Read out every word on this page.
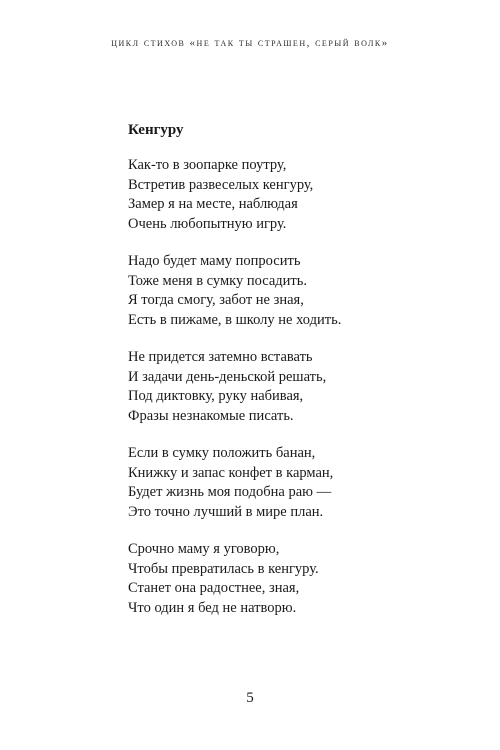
цикл стихов «не так ты страшен, серый волк»
Кенгуру
Как-то в зоопарке поутру,
Встретив развеселых кенгуру,
Замер я на месте, наблюдая
Очень любопытную игру.
Надо будет маму попросить
Тоже меня в сумку посадить.
Я тогда смогу, забот не зная,
Есть в пижаме, в школу не ходить.
Не придется затемно вставать
И задачи день-деньской решать,
Под диктовку, руку набивая,
Фразы незнакомые писать.
Если в сумку положить банан,
Книжку и запас конфет в карман,
Будет жизнь моя подобна раю —
Это точно лучший в мире план.
Срочно маму я уговорю,
Чтобы превратилась в кенгуру.
Станет она радостнее, зная,
Что один я бед не натворю.
5
